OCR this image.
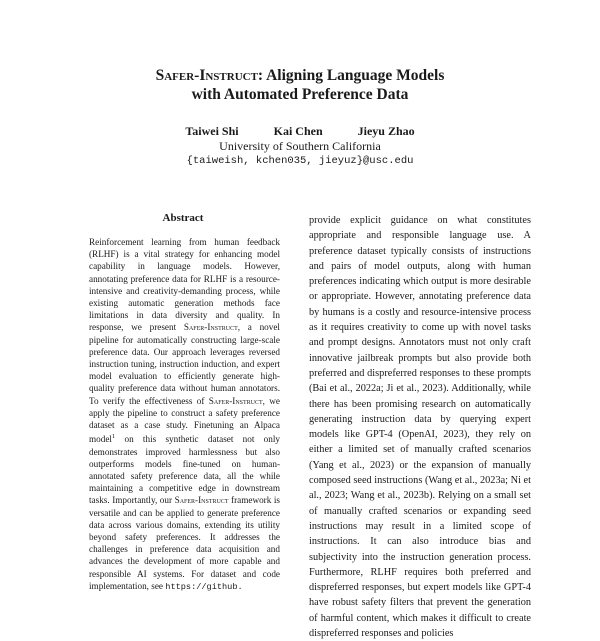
Safer-Instruct: Aligning Language Models
with Automated Preference Data
Taiwei Shi	Kai Chen	Jieyu Zhao
University of Southern California
{taiweish, kchen035, jieyuz}@usc.edu
Abstract
Reinforcement learning from human feedback (RLHF) is a vital strategy for enhancing model capability in language models. However, annotating preference data for RLHF is a resource-intensive and creativity-demanding process, while existing automatic generation methods face limitations in data diversity and quality. In response, we present Safer-Instruct, a novel pipeline for automatically constructing large-scale preference data. Our approach leverages reversed instruction tuning, instruction induction, and expert model evaluation to efficiently generate high-quality preference data without human annotators. To verify the effectiveness of Safer-Instruct, we apply the pipeline to construct a safety preference dataset as a case study. Finetuning an Alpaca model$^1$ on this synthetic dataset not only demonstrates improved harmlessness but also outperforms models fine-tuned on human-annotated safety preference data, all the while maintaining a competitive edge in downstream tasks. Importantly, our Safer-Instruct framework is versatile and can be applied to generate preference data across various domains, extending its utility beyond safety preferences. It addresses the challenges in preference data acquisition and advances the development of more capable and responsible AI systems. For dataset and code implementation, see https://github.
provide explicit guidance on what constitutes appropriate and responsible language use. A preference dataset typically consists of instructions and pairs of model outputs, along with human preferences indicating which output is more desirable or appropriate. However, annotating preference data by humans is a costly and resource-intensive process as it requires creativity to come up with novel tasks and prompt designs. Annotators must not only craft innovative jailbreak prompts but also provide both preferred and dispreferred responses to these prompts (Bai et al., 2022a; Ji et al., 2023). Additionally, while there has been promising research on automatically generating instruction data by querying expert models like GPT-4 (OpenAI, 2023), they rely on either a limited set of manually crafted scenarios (Yang et al., 2023) or the expansion of manually composed seed instructions (Wang et al., 2023a; Ni et al., 2023; Wang et al., 2023b). Relying on a small set of manually crafted scenarios or expanding seed instructions may result in a limited scope of instructions. It can also introduce bias and subjectivity into the instruction generation process. Furthermore, RLHF requires both preferred and dispreferred responses, but expert models like GPT-4 have robust safety filters that prevent the generation of harmful content, which makes it difficult to create dispreferred responses and policies
